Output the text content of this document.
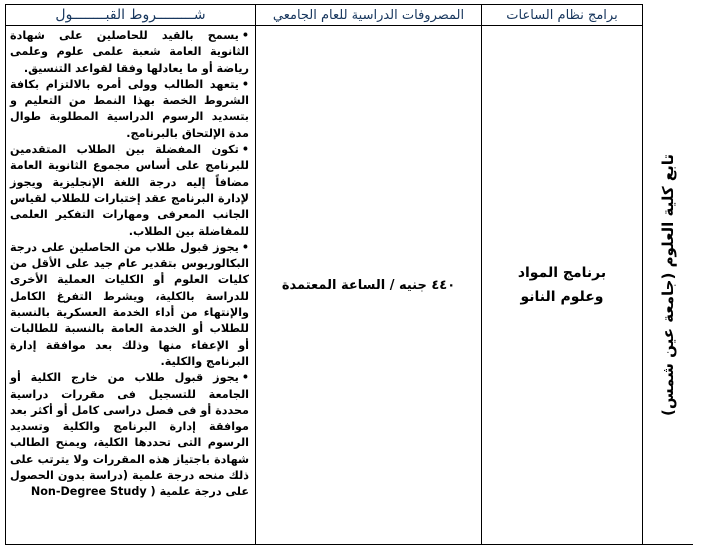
برامج نظام الساعات
المصروفات الدراسية للعام الجامعي
شـــــــــروط القبــــــــول
تابع كلية العلوم (جامعة عين شمس)
برنامج المواد وعلوم النانو
٤٤٠ جنيه / الساعة المعتمدة

•يسمح بالقيد للحاصلين على شهادة الثانوية العامة شعبة علمى علوم وعلمى رياضة أو ما يعادلها وفقا لقواعد التنسيق.

•يتعهد الطالب وولى أمره بالالتزام بكافة الشروط الخصة بهذا النمط من التعليم و بتسديد الرسوم الدراسية المطلوبة طوال مدة الإلتحاق بالبرنامج.

•تكون المفضلة بين الطلاب المتقدمين للبرنامج على أساس مجموع الثانوية العامة مضافاً إليه درجة اللغة الإنجليزية ويجوز لإدارة البرنامج عقد إختبارات للطلاب لقياس الجانب المعرفى ومهارات التفكير العلمى للمفاضلة بين الطلاب.

•يجوز قبول طلاب من الحاصلين على درجة البكالوريوس بتقدير عام جيد على الأقل من كليات العلوم أو الكليات العملية الأخرى للدراسة بالكلية، ويشرط التفرغ الكامل والإنتهاء من أداء الخدمة العسكرية بالنسبة للطلاب أو الخدمة العامة بالنسبة للطالبات أو الإعفاء منها وذلك بعد موافقة إدارة البرنامج والكلية.

•يجوز قبول طلاب من خارج الكلية أو الجامعة للتسجيل فى مقررات دراسية محددة أو فى فصل دراسى كامل أو أكثر بعد موافقة إدارة البرنامج والكلية وتسديد الرسوم التى تحددها الكلية، ويمنح الطالب شهادة باجتياز هذه المقررات ولا يترتب على ذلك منحه درجة علمية (دراسة بدون الحصول على درجة علمية Non-Degree Study )
